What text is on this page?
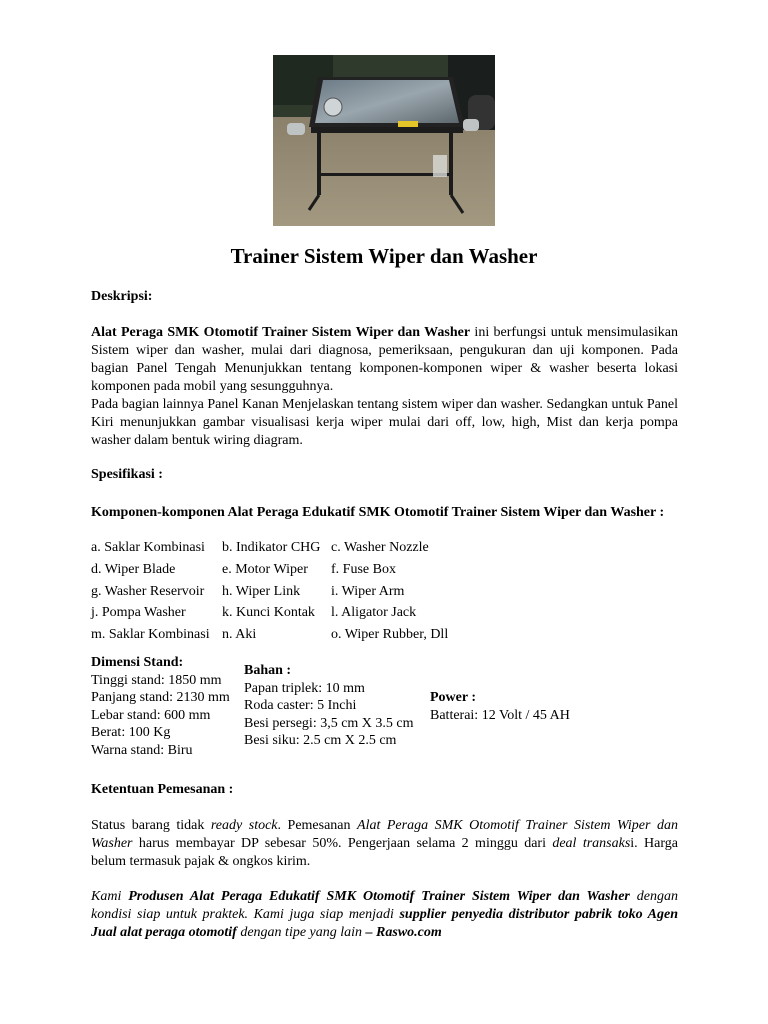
Trainer Sistem Wiper dan Washer

Deskripsi:

Alat Peraga SMK Otomotif Trainer Sistem Wiper dan Washer ini berfungsi untuk mensimulasikan Sistem wiper dan washer, mulai dari diagnosa, pemeriksaan, pengukuran dan uji komponen. Pada bagian Panel Tengah Menunjukkan tentang komponen-komponen wiper & washer beserta lokasi komponen pada mobil yang sesungguhnya.

Pada bagian lainnya Panel Kanan Menjelaskan tentang sistem wiper dan washer. Sedangkan untuk Panel Kiri menunjukkan gambar visualisasi kerja wiper mulai dari off, low, high, Mist dan kerja pompa washer dalam bentuk wiring diagram.

Spesifikasi :

Komponen-komponen Alat Peraga Edukatif SMK Otomotif Trainer Sistem Wiper dan Washer :

a. Saklar Kombinasi	b. Indikator CHG c. Washer Nozzle
d. Wiper Blade	e. Motor Wiper	f. Fuse Box
g. Washer Reservoir	h. Wiper Link	i. Wiper Arm
j. Pompa Washer	k. Kunci Kontak	l. Aligator Jack
m. Saklar Kombinasi n. Aki	o. Wiper Rubber, Dll
Dimensi Stand:
Tinggi stand: 1850 mm
Panjang stand: 2130 mm
Lebar stand: 600 mm
Berat: 100 Kg
Warna stand: Biru
Bahan :
Papan triplek: 10 mm
Roda caster: 5 Inchi
Besi persegi: 3,5 cm X 3.5 cm
Besi siku: 2.5 cm X 2.5 cm
Power :
Batterai: 12 Volt / 45 AH

Ketentuan Pemesanan :

Status barang tidak ready stock. Pemesanan Alat Peraga SMK Otomotif Trainer Sistem Wiper dan Washer harus membayar DP sebesar 50%. Pengerjaan selama 2 minggu dari deal transaksi. Harga belum termasuk pajak & ongkos kirim.

Kami Produsen Alat Peraga Edukatif SMK Otomotif Trainer Sistem Wiper dan Washer dengan kondisi siap untuk praktek. Kami juga siap menjadi supplier penyedia distributor pabrik toko Agen Jual alat peraga otomotif dengan tipe yang lain – Raswo.com
